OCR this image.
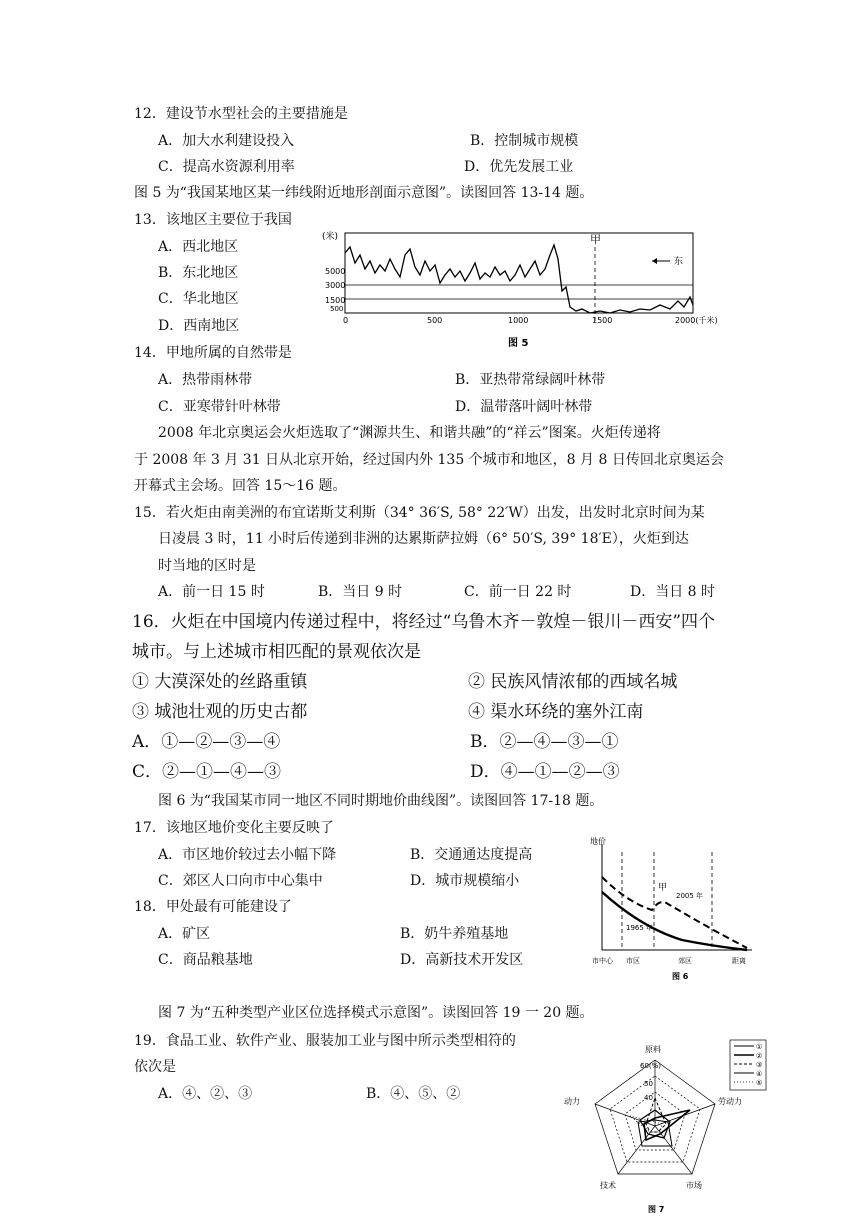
12．建设节水型社会的主要措施是
A．加大水利建设投入	B．控制城市规模
C．提高水资源利用率	D．优先发展工业
图 5 为“我国某地区某一纬线附近地形剖面示意图”。读图回答 13-14 题。
13．该地区主要位于我国
A．西北地区
B．东北地区
C．华北地区
D．西南地区
(米)
5000
3000
1500
500
甲
东
0	500	1000	1500	2000(千米)
图 5
14．甲地所属的自然带是
A．热带雨林带	B．亚热带常绿阔叶林带
C．亚寒带针叶林带	D．温带落叶阔叶林带
2008 年北京奥运会火炬选取了“渊源共生、和谐共融”的“祥云”图案。火炬传递将
于 2008 年 3 月 31 日从北京开始，经过国内外 135 个城市和地区，8 月 8 日传回北京奥运会
开幕式主会场。回答 15～16 题。
15．若火炬由南美洲的布宜诺斯艾利斯（34° 36′S, 58° 22′W）出发，出发时北京时间为某
日凌晨 3 时，11 小时后传递到非洲的达累斯萨拉姆（6° 50′S, 39° 18′E），火炬到达
时当地的区时是
A．前一日 15 时	B．当日 9 时	C．前一日 22 时	D．当日 8 时
16．火炬在中国境内传递过程中，将经过“乌鲁木齐－敦煌－银川－西安”四个
城市。与上述城市相匹配的景观依次是
① 大漠深处的丝路重镇	② 民族风情浓郁的西域名城
③ 城池壮观的历史古都	④ 渠水环绕的塞外江南
A．①—②—③—④	B．②—④—③—①
C．②—①—④—③	D．④—①—②—③
图 6 为“我国某市同一地区不同时期地价曲线图”。读图回答 17-18 题。
17．该地区地价变化主要反映了
A．市区地价较过去小幅下降	B．交通通达度提高
C．郊区人口向市中心集中	D．城市规模缩小
18．甲处最有可能建设了
A．矿区	B．奶牛养殖基地
C．商品粮基地	D．高新技术开发区
地价
甲
2005 年
1965 年
市中心 市区	郊区	距离
图 6
图 7 为“五种类型产业区位选择模式示意图”。读图回答 19 一 20 题。
19．食品工业、软件产业、服装加工业与图中所示类型相符的
依次是
A．④、②、③	B．④、⑤、②
原料
60(%)
50
40
动力	劳动力
技术	市场
图 7
①
②
③
④
⑤
